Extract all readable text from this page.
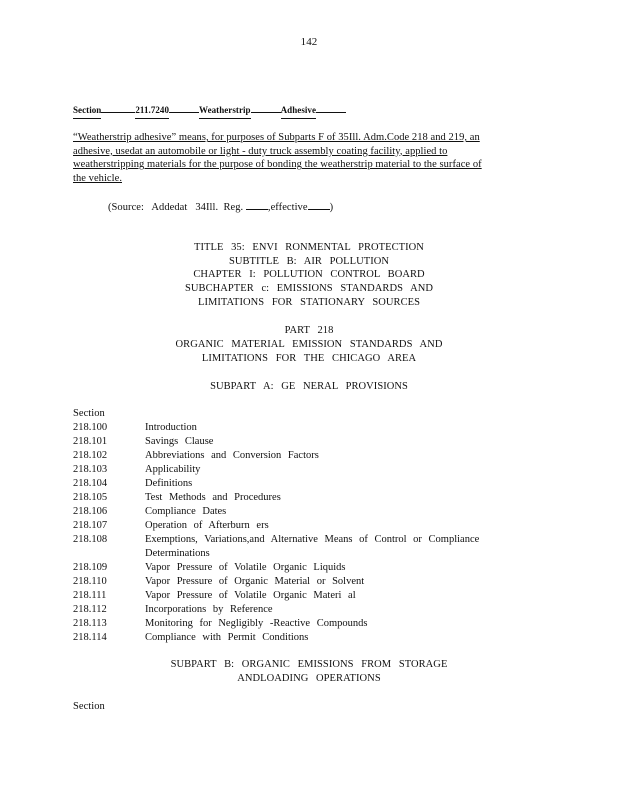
142
Section	211.7240	Weatherstrip	Adhesive

“Weatherstrip adhesive” means, for purposes of Subparts F of 35Ill. Adm.Code 218 and 219, an

adhesive, usedat an automobile or light - duty truck assembly coating facility, applied to

weatherstripping materials for the purpose of bonding the weatherstrip material to the surface of

the vehicle.

(Source:   Addedat   34Ill.  Reg. ,effective )
TITLE 35: ENVI RONMENTAL PROTECTION
SUBTITLE B: AIR POLLUTION
CHAPTER I: POLLUTION CONTROL BOARD
SUBCHAPTER c: EMISSIONS STANDARDS AND
LIMITATIONS FOR STATIONARY SOURCES
PART 218
ORGANIC MATERIAL EMISSION STANDARDS AND
LIMITATIONS FOR THE CHICAGO AREA
SUBPART A: GE NERAL PROVISIONS
Section
218.100	Introduction
218.101	Savings Clause
218.102	Abbreviations and Conversion Factors
218.103	Applicability
218.104	Definitions
218.105	Test Methods and Procedures
218.106	Compliance Dates
218.107	Operation of Afterburn ers
218.108	Exemptions, Variations,and Alternative Means of Control or Compliance
Determinations
218.109	Vapor Pressure of Volatile Organic Liquids
218.110	Vapor Pressure of Organic Material or Solvent
218.111	Vapor Pressure of Volatile Organic Materi al
218.112	Incorporations by Reference
218.113	Monitoring for Negligibly -Reactive Compounds
218.114	Compliance with Permit Conditions
SUBPART B: ORGANIC EMISSIONS FROM STORAGE
ANDLOADING OPERATIONS
Section
